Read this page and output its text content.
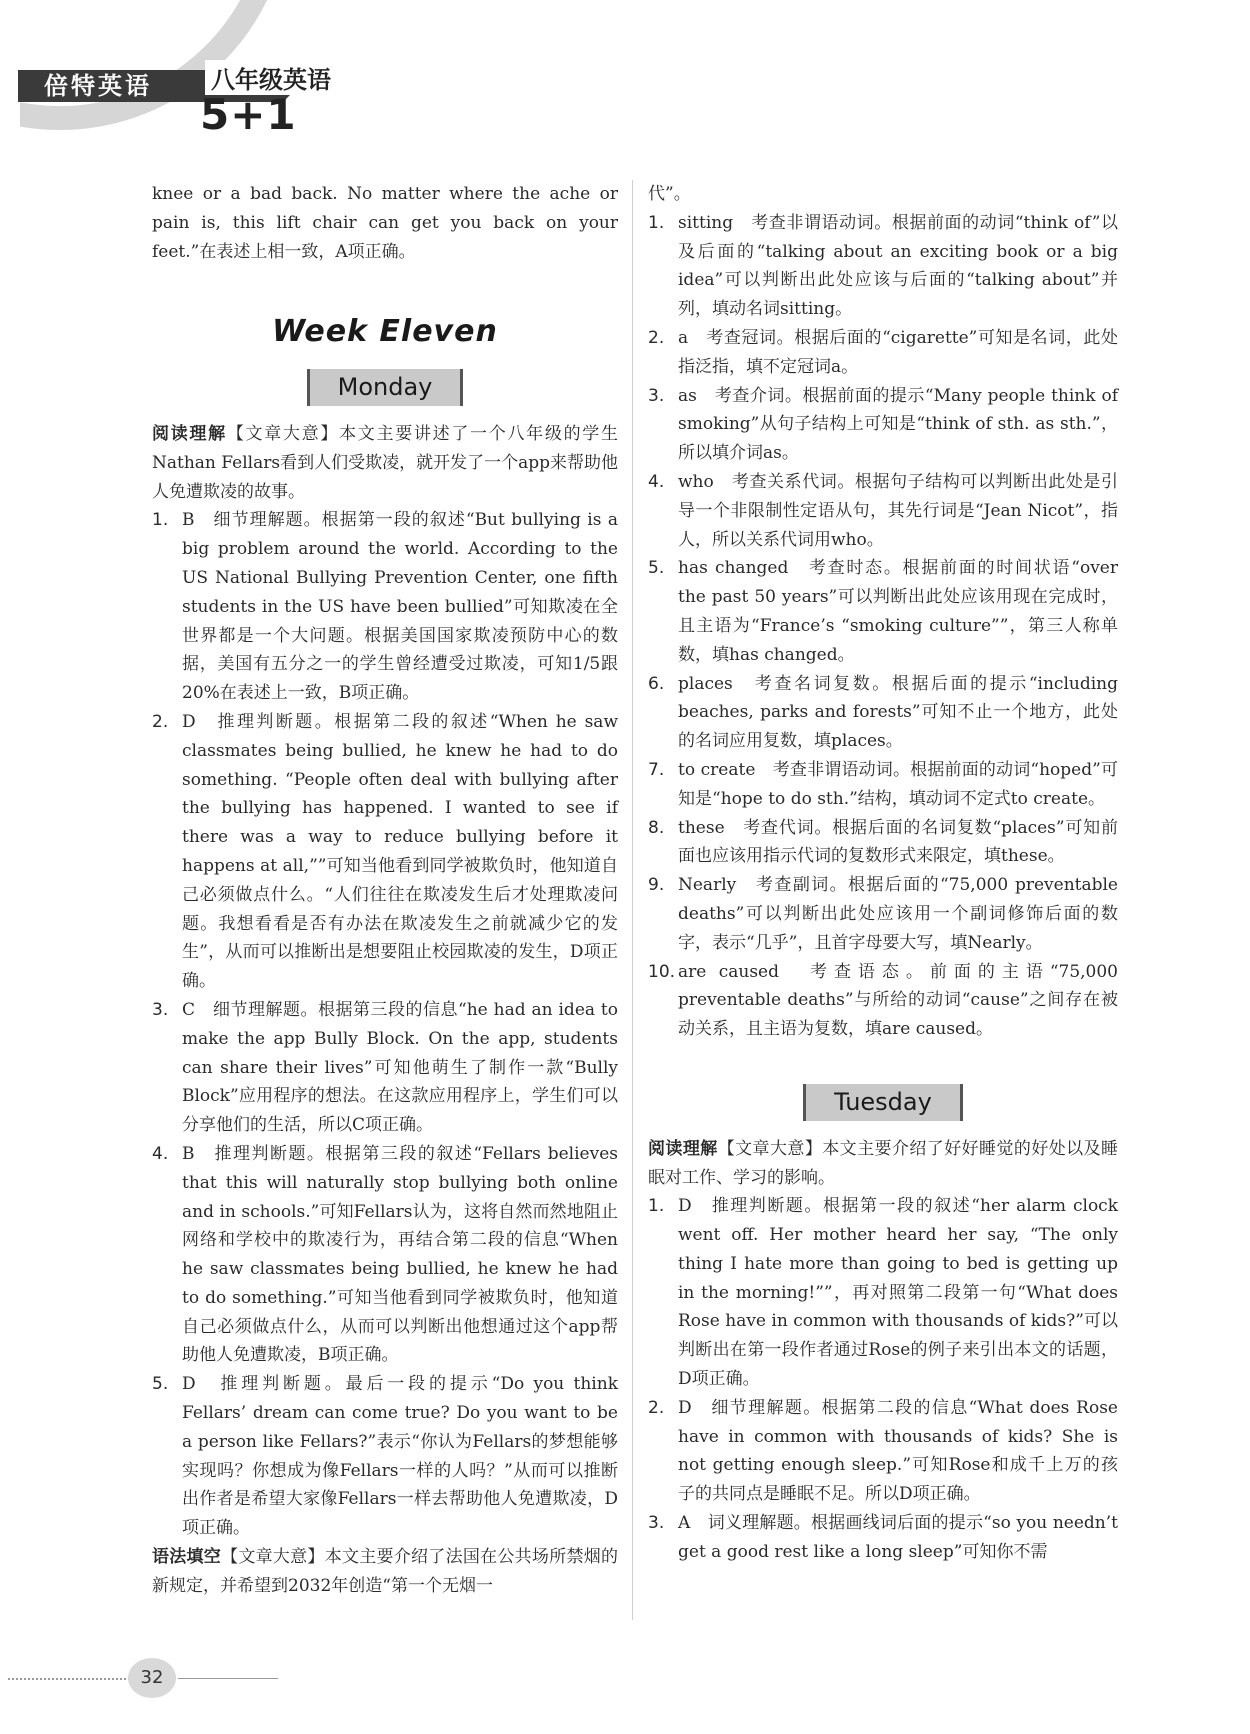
倍特英语 八年级英语
5+1

knee or a bad back. No matter where the ache or pain is, this lift chair can get you back on your feet.”在表述上相一致，A项正确。

Week Eleven
Monday

阅读理解【文章大意】本文主要讲述了一个八年级的学生Nathan Fellars看到人们受欺凌，就开发了一个app来帮助他人免遭欺凌的故事。

1. B　细节理解题。根据第一段的叙述“But bullying is a big problem around the world. According to the US National Bullying Prevention Center, one fifth students in the US have been bullied”可知欺凌在全世界都是一个大问题。根据美国国家欺凌预防中心的数据，美国有五分之一的学生曾经遭受过欺凌，可知1/5跟20%在表述上一致，B项正确。

2. D　推理判断题。根据第二段的叙述“When he saw classmates being bullied, he knew he had to do something. “People often deal with bullying after the bullying has happened. I wanted to see if there was a way to reduce bullying before it happens at all,””可知当他看到同学被欺负时，他知道自己必须做点什么。“人们往往在欺凌发生后才处理欺凌问题。我想看看是否有办法在欺凌发生之前就减少它的发生”，从而可以推断出是想要阻止校园欺凌的发生，D项正确。

3. C　细节理解题。根据第三段的信息“he had an idea to make the app Bully Block. On the app, students can share their lives”可知他萌生了制作一款“Bully Block”应用程序的想法。在这款应用程序上，学生们可以分享他们的生活，所以C项正确。

4. B　推理判断题。根据第三段的叙述“Fellars believes that this will naturally stop bullying both online and in schools.”可知Fellars认为，这将自然而然地阻止网络和学校中的欺凌行为，再结合第二段的信息“When he saw classmates being bullied, he knew he had to do something.”可知当他看到同学被欺负时，他知道自己必须做点什么，从而可以判断出他想通过这个app帮助他人免遭欺凌，B项正确。

5. D　推理判断题。最后一段的提示“Do you think Fellars’ dream can come true? Do you want to be a person like Fellars?”表示“你认为Fellars的梦想能够实现吗？你想成为像Fellars一样的人吗？”从而可以推断出作者是希望大家像Fellars一样去帮助他人免遭欺凌，D项正确。

语法填空【文章大意】本文主要介绍了法国在公共场所禁烟的新规定，并希望到2032年创造“第一个无烟一

代”。

1. sitting　考查非谓语动词。根据前面的动词“think of”以及后面的“talking about an exciting book or a big idea”可以判断出此处应该与后面的“talking about”并列，填动名词sitting。

2. a　考查冠词。根据后面的“cigarette”可知是名词，此处指泛指，填不定冠词a。

3. as　考查介词。根据前面的提示“Many people think of smoking”从句子结构上可知是“think of sth. as sth.”，所以填介词as。

4. who　考查关系代词。根据句子结构可以判断出此处是引导一个非限制性定语从句，其先行词是“Jean Nicot”，指人，所以关系代词用who。

5. has changed　考查时态。根据前面的时间状语“over the past 50 years”可以判断出此处应该用现在完成时，且主语为“France’s “smoking culture””，第三人称单数，填has changed。

6. places　考查名词复数。根据后面的提示“including beaches, parks and forests”可知不止一个地方，此处的名词应用复数，填places。

7. to create　考查非谓语动词。根据前面的动词“hoped”可知是“hope to do sth.”结构，填动词不定式to create。

8. these　考查代词。根据后面的名词复数“places”可知前面也应该用指示代词的复数形式来限定，填these。

9. Nearly　考查副词。根据后面的“75,000 preventable deaths”可以判断出此处应该用一个副词修饰后面的数字，表示“几乎”，且首字母要大写，填Nearly。

10. are caused　考查语态。前面的主语“75,000 preventable deaths”与所给的动词“cause”之间存在被动关系，且主语为复数，填are caused。

Tuesday

阅读理解【文章大意】本文主要介绍了好好睡觉的好处以及睡眠对工作、学习的影响。

1. D　推理判断题。根据第一段的叙述“her alarm clock went off. Her mother heard her say, “The only thing I hate more than going to bed is getting up in the morning!””，再对照第二段第一句“What does Rose have in common with thousands of kids?”可以判断出在第一段作者通过Rose的例子来引出本文的话题，D项正确。

2. D　细节理解题。根据第二段的信息“What does Rose have in common with thousands of kids? She is not getting enough sleep.”可知Rose和成千上万的孩子的共同点是睡眠不足。所以D项正确。

3. A　词义理解题。根据画线词后面的提示“so you needn’t get a good rest like a long sleep”可知你不需

32
